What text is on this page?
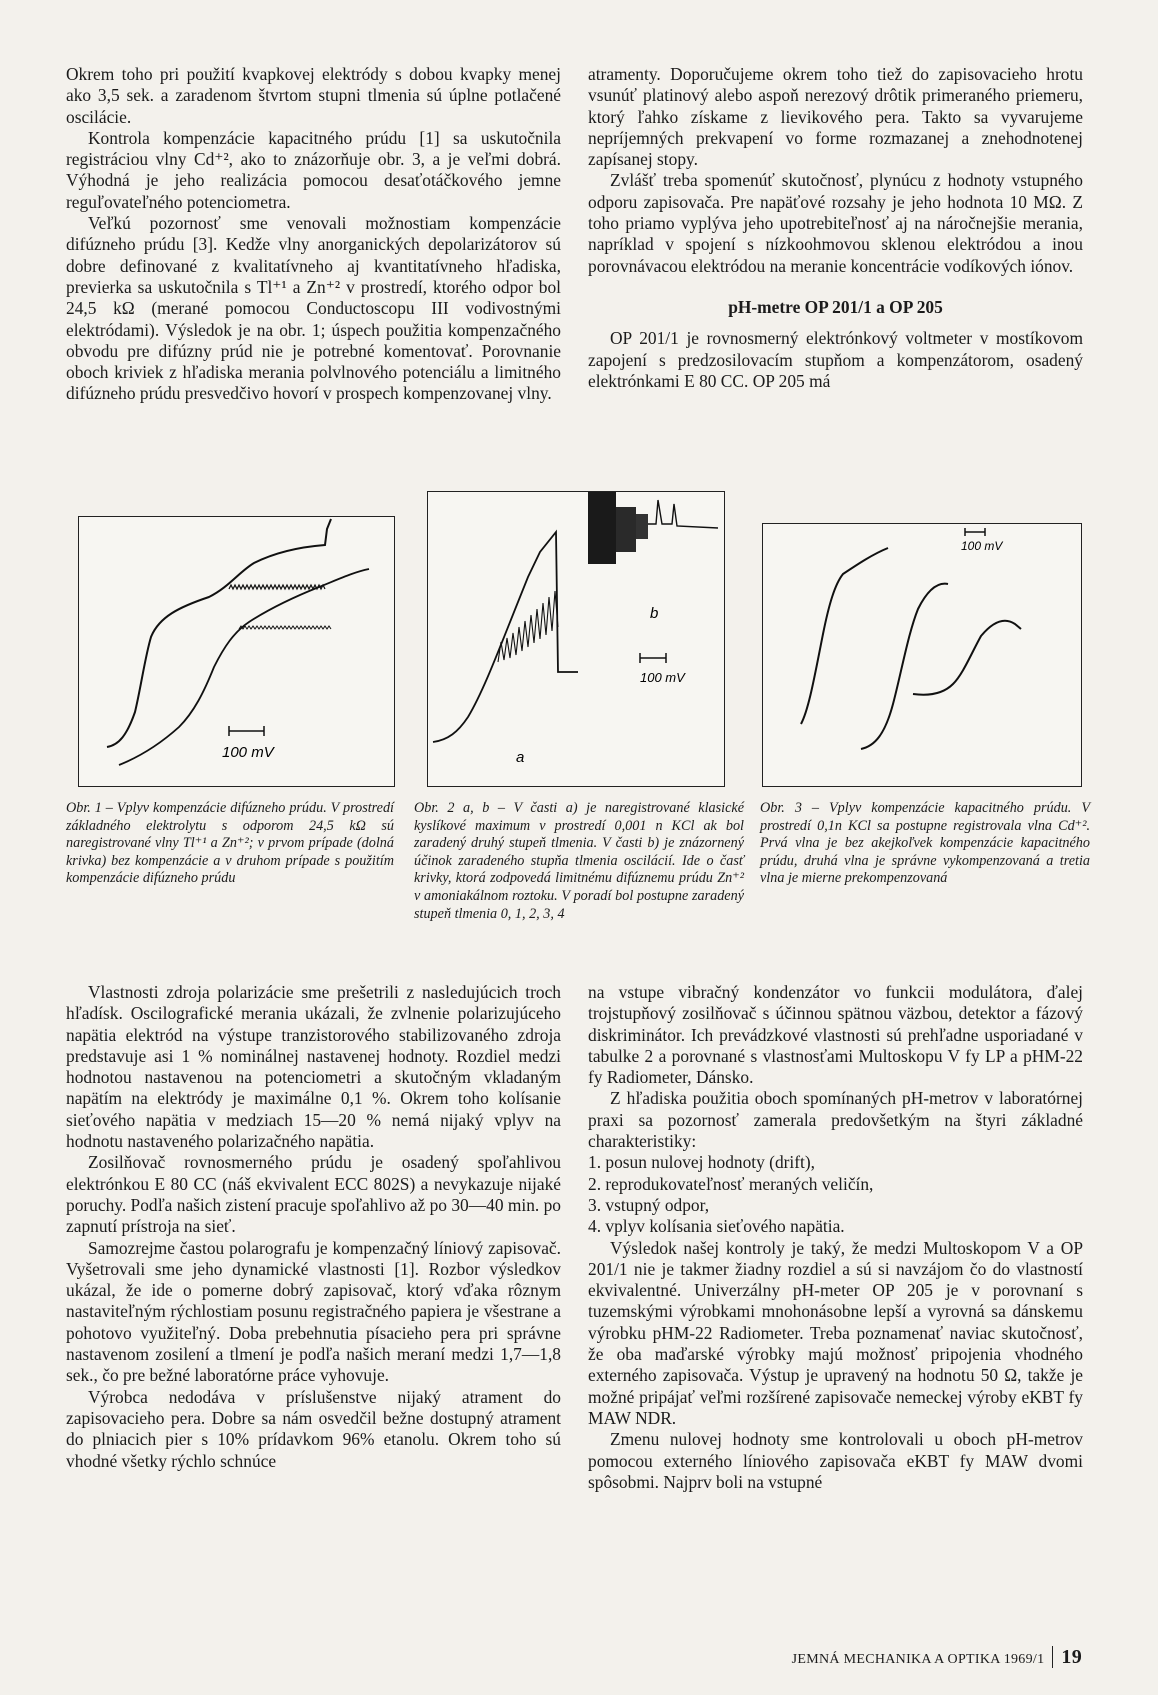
Okrem toho pri použití kvapkovej elektródy s dobou kvapky menej ako 3,5 sek. a zaradenom štvrtom stupni tlmenia sú úplne potlačené oscilácie.

Kontrola kompenzácie kapacitného prúdu [1] sa uskutočnila registráciou vlny Cd⁺², ako to znázorňuje obr. 3, a je veľmi dobrá. Výhodná je jeho realizácia pomocou desaťotáčkového jemne reguľovateľného potenciometra.

Veľkú pozornosť sme venovali možnostiam kompenzácie difúzneho prúdu [3]. Kedže vlny anorganických depolarizátorov sú dobre definované z kvalitatívneho aj kvantitatívneho hľadiska, previerka sa uskutočnila s Tl⁺¹ a Zn⁺² v prostredí, ktorého odpor bol 24,5 kΩ (merané pomocou Conductoscopu III vodivostnými elektródami). Výsledok je na obr. 1; úspech použitia kompenzačného obvodu pre difúzny prúd nie je potrebné komentovať. Porovnanie oboch kriviek z hľadiska merania polvlnového potenciálu a limitného difúzneho prúdu presvedčivo hovorí v prospech kompenzovanej vlny.

atramenty. Doporučujeme okrem toho tiež do zapisovacieho hrotu vsunúť platinový alebo aspoň nerezový drôtik primeraného priemeru, ktorý ľahko získame z lievikového pera. Takto sa vyvarujeme nepríjemných prekvapení vo forme rozmazanej a znehodnotenej zapísanej stopy.

Zvlášť treba spomenúť skutočnosť, plynúcu z hodnoty vstupného odporu zapisovača. Pre napäťové rozsahy je jeho hodnota 10 MΩ. Z toho priamo vyplýva jeho upotrebiteľnosť aj na náročnejšie merania, napríklad v spojení s nízkoohmovou sklenou elektródou a inou porovnávacou elektródou na meranie koncentrácie vodíkových iónov.

pH-metre OP 201/1 a OP 205

OP 201/1 je rovnosmerný elektrónkový voltmeter v mostíkovom zapojení s predzosilovacím stupňom a kompenzátorom, osadený elektrónkami E 80 CC. OP 205 má

100 mV
100 mV
b
a
100 mV
Obr. 1 – Vplyv kompenzácie difúzneho prúdu. V prostredí základného elektrolytu s odporom 24,5 kΩ sú naregistrované vlny Tl⁺¹ a Zn⁺²; v prvom prípade (dolná krivka) bez kompenzácie a v druhom prípade s použitím kompenzácie difúzneho prúdu
Obr. 2 a, b – V časti a) je naregistrované klasické kyslíkové maximum v prostredí 0,001 n KCl ak bol zaradený druhý stupeň tlmenia. V časti b) je znázornený účinok zaradeného stupňa tlmenia oscilácií. Ide o časť krivky, ktorá zodpovedá limitnému difúznemu prúdu Zn⁺² v amoniakálnom roztoku. V poradí bol postupne zaradený stupeň tlmenia 0, 1, 2, 3, 4
Obr. 3 – Vplyv kompenzácie kapacitného prúdu. V prostredí 0,1n KCl sa postupne registrovala vlna Cd⁺². Prvá vlna je bez akejkoľvek kompenzácie kapacitného prúdu, druhá vlna je správne vykompenzovaná a tretia vlna je mierne prekompenzovaná

Vlastnosti zdroja polarizácie sme prešetrili z nasledujúcich troch hľadísk. Oscilografické merania ukázali, že zvlnenie polarizujúceho napätia elektród na výstupe tranzistorového stabilizovaného zdroja predstavuje asi 1 % nominálnej nastavenej hodnoty. Rozdiel medzi hodnotou nastavenou na potenciometri a skutočným vkladaným napätím na elektródy je maximálne 0,1 %. Okrem toho kolísanie sieťového napätia v medziach 15—20 % nemá nijaký vplyv na hodnotu nastaveného polarizačného napätia.

Zosilňovač rovnosmerného prúdu je osadený spoľahlivou elektrónkou E 80 CC (náš ekvivalent ECC 802S) a nevykazuje nijaké poruchy. Podľa našich zistení pracuje spoľahlivo až po 30—40 min. po zapnutí prístroja na sieť.

Samozrejme častou polarografu je kompenzačný líniový zapisovač. Vyšetrovali sme jeho dynamické vlastnosti [1]. Rozbor výsledkov ukázal, že ide o pomerne dobrý zapisovač, ktorý vďaka rôznym nastaviteľným rýchlostiam posunu registračného papiera je všestrane a pohotovo využiteľný. Doba prebehnutia písacieho pera pri správne nastavenom zosilení a tlmení je podľa našich meraní medzi 1,7—1,8 sek., čo pre bežné laboratórne práce vyhovuje.

Výrobca nedodáva v príslušenstve nijaký atrament do zapisovacieho pera. Dobre sa nám osvedčil bežne dostupný atrament do plniacich pier s 10% prídavkom 96% etanolu. Okrem toho sú vhodné všetky rýchlo schnúce

na vstupe vibračný kondenzátor vo funkcii modulátora, ďalej trojstupňový zosilňovač s účinnou spätnou väzbou, detektor a fázový diskriminátor. Ich prevádzkové vlastnosti sú prehľadne usporiadané v tabulke 2 a porovnané s vlastnosťami Multoskopu V fy LP a pHM-22 fy Radiometer, Dánsko.

Z hľadiska použitia oboch spomínaných pH-metrov v laboratórnej praxi sa pozornosť zamerala predovšetkým na štyri základné charakteristiky:

1. posun nulovej hodnoty (drift),
2. reprodukovateľnosť meraných veličín,
3. vstupný odpor,
4. vplyv kolísania sieťového napätia.

Výsledok našej kontroly je taký, že medzi Multoskopom V a OP 201/1 nie je takmer žiadny rozdiel a sú si navzájom čo do vlastností ekvivalentné. Univerzálny pH-meter OP 205 je v porovnaní s tuzemskými výrobkami mnohonásobne lepší a vyrovná sa dánskemu výrobku pHM-22 Radiometer. Treba poznamenať naviac skutočnosť, že oba maďarské výrobky majú možnosť pripojenia vhodného externého zapisovača. Výstup je upravený na hodnotu 50 Ω, takže je možné pripájať veľmi rozšírené zapisovače nemeckej výroby eKBT fy MAW NDR.

Zmenu nulovej hodnoty sme kontrolovali u oboch pH-metrov pomocou externého líniového zapisovača eKBT fy MAW dvomi spôsobmi. Najprv boli na vstupné

JEMNÁ MECHANIKA A OPTIKA 1969/1 19
